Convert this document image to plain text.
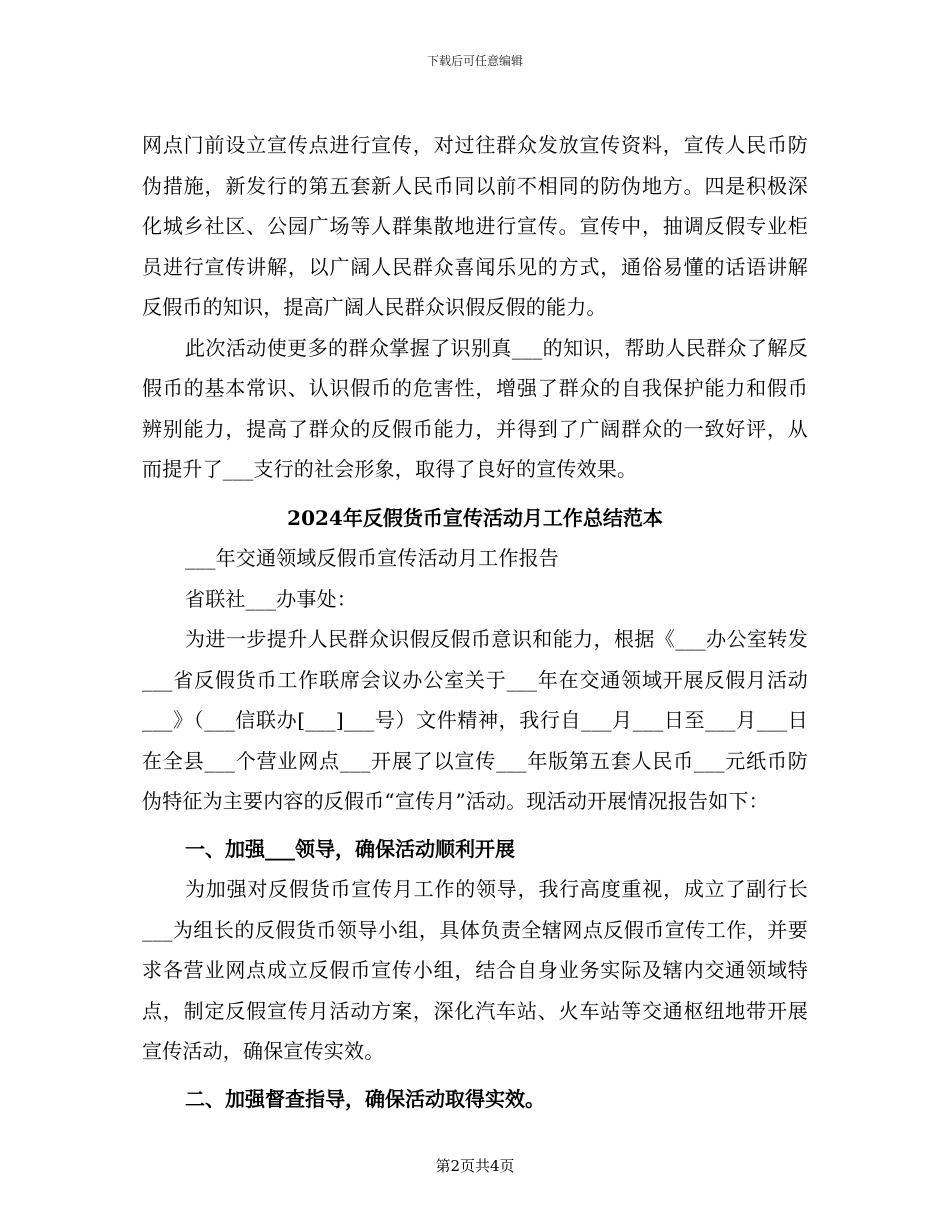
下载后可任意编辑

网点门前设立宣传点进行宣传，对过往群众发放宣传资料，宣传人民币防伪措施，新发行的第五套新人民币同以前不相同的防伪地方。四是积极深化城乡社区、公园广场等人群集散地进行宣传。宣传中，抽调反假专业柜员进行宣传讲解，以广阔人民群众喜闻乐见的方式，通俗易懂的话语讲解反假币的知识，提高广阔人民群众识假反假的能力。

此次活动使更多的群众掌握了识别真___的知识，帮助人民群众了解反假币的基本常识、认识假币的危害性，增强了群众的自我保护能力和假币辨别能力，提高了群众的反假币能力，并得到了广阔群众的一致好评，从而提升了___支行的社会形象，取得了良好的宣传效果。

2024年反假货币宣传活动月工作总结范本

___年交通领域反假币宣传活动月工作报告

省联社___办事处：

为进一步提升人民群众识假反假币意识和能力，根据《___办公室转发___省反假货币工作联席会议办公室关于___年在交通领域开展反假月活动___》（___信联办[___]___号）文件精神，我行自___月___日至___月___日在全县___个营业网点___开展了以宣传___年版第五套人民币___元纸币防伪特征为主要内容的反假币“宣传月”活动。现活动开展情况报告如下：

一、加强___领导，确保活动顺利开展

为加强对反假货币宣传月工作的领导，我行高度重视，成立了副行长___为组长的反假货币领导小组，具体负责全辖网点反假币宣传工作，并要求各营业网点成立反假币宣传小组，结合自身业务实际及辖内交通领域特点，制定反假宣传月活动方案，深化汽车站、火车站等交通枢纽地带开展宣传活动，确保宣传实效。

二、加强督查指导，确保活动取得实效。

第2页共4页
